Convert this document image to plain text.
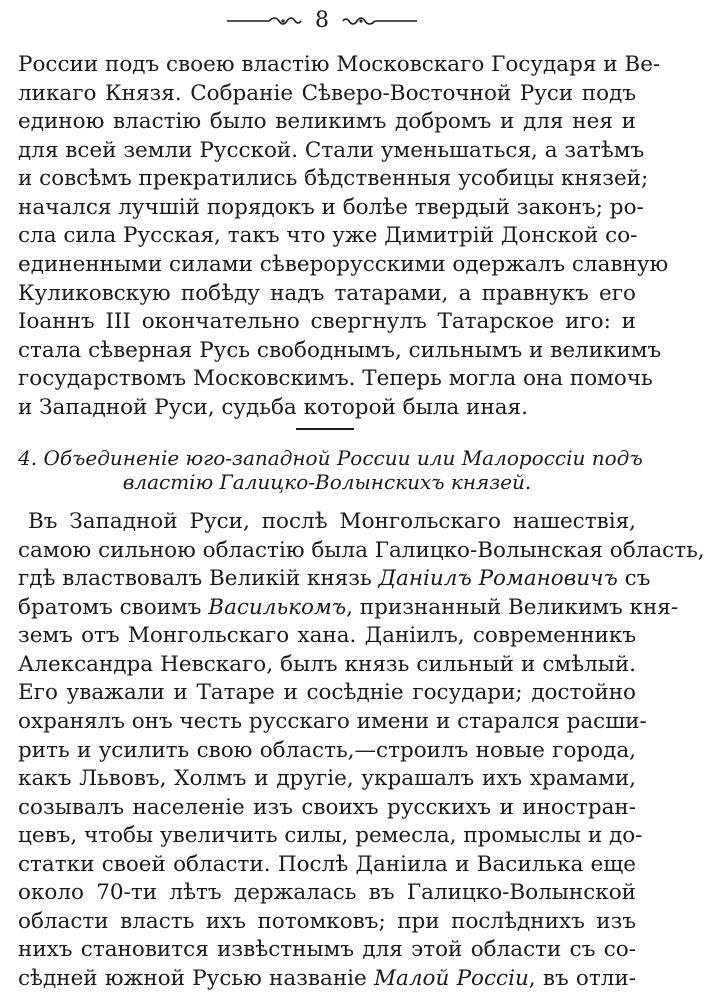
8
России подъ своею властію Московскаго Государя и Ве-
ликаго Князя. Собраніе Сѣверо-Восточной Руси подъ
единою властію было великимъ добромъ и для нея и
для всей земли Русской. Стали уменьшаться, а затѣмъ
и совсѣмъ прекратились бѣдственныя усобицы князей;
начался лучшій порядокъ и болѣе твердый законъ; ро-
сла сила Русская, такъ что уже Димитрій Донской со-
единенными силами сѣверорусскими одержалъ славную
Куликовскую побѣду надъ татарами, а правнукъ его
Іоаннъ III окончательно свергнулъ Татарское иго: и
стала сѣверная Русь свободнымъ, сильнымъ и великимъ
государствомъ Московскимъ. Теперь могла она помочь
и Западной Руси, судьба которой была иная.
4. Объединеніе юго-западной России или Малороссіи подъ
властію Галицко-Волынскихъ князей.
Въ Западной Руси, послѣ Монгольскаго нашествія,
самою сильною областію была Галицко-Волынская область,
гдѣ властвовалъ Великій князь Даніилъ Романовичъ съ
братомъ своимъ Василькомъ, признанный Великимъ кня-
земъ отъ Монгольскаго хана. Даніилъ, современникъ
Александра Невскаго, былъ князь сильный и смѣлый.
Его уважали и Татаре и сосѣдніе государи; достойно
охранялъ онъ честь русскаго имени и старался расши-
рить и усилить свою область,—строилъ новые города,
какъ Львовъ, Холмъ и другіе, украшалъ ихъ храмами,
созывалъ населеніе изъ своихъ русскихъ и иностран-
цевъ, чтобы увеличить силы, ремесла, промыслы и до-
статки своей области. Послѣ Даніила и Василька еще
около 70-ти лѣтъ держалась въ Галицко-Волынской
области власть ихъ потомковъ; при послѣднихъ изъ
нихъ становится извѣстнымъ для этой области съ со-
сѣдней южной Русью названіе Малой Россіи, въ отли-
